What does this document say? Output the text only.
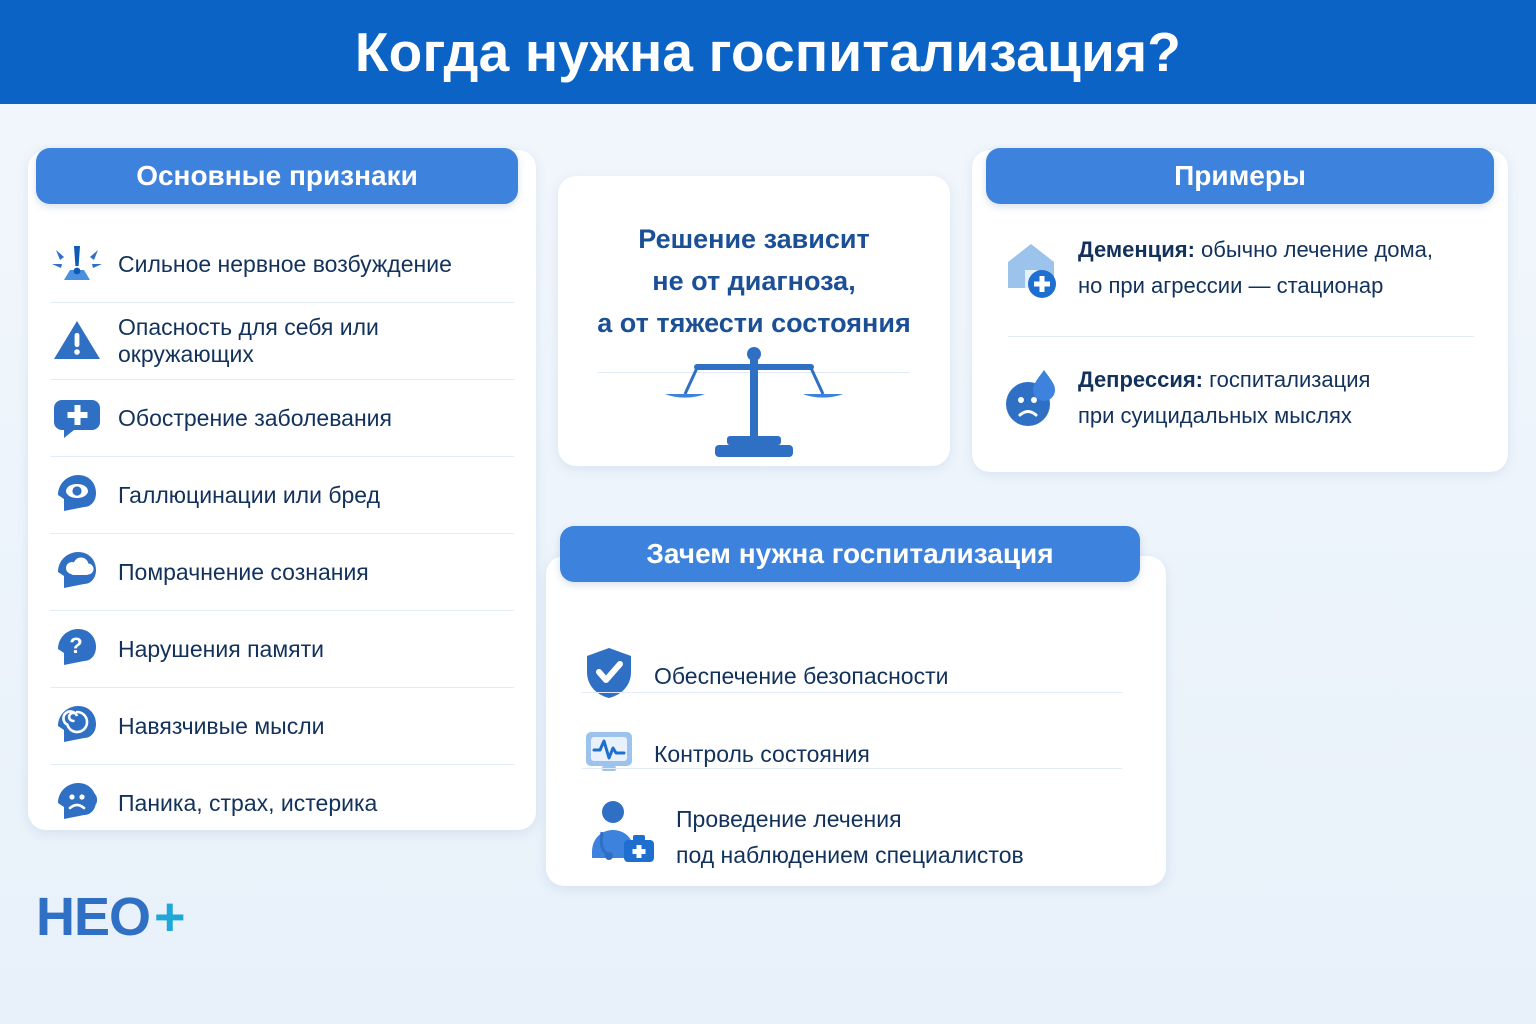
Когда нужна госпитализация?
Сильное нервное возбуждение
Опасность для себя или окружающих
Обострение заболевания
Галлюцинации или бред
Помрачнение сознания
? Нарушения памяти
Навязчивые мысли
Паника, страх, истерика
Основные признаки
Решение зависит
не от диагноза,
а от тяжести состояния
Деменция: обычно лечение дома,
но при агрессии — стационар
Депрессия: госпитализация
при суицидальных мыслях
Примеры
Обеспечение безопасности
Контроль состояния
Проведение лечения
под наблюдением специалистов
Зачем нужна госпитализация
HEO +
